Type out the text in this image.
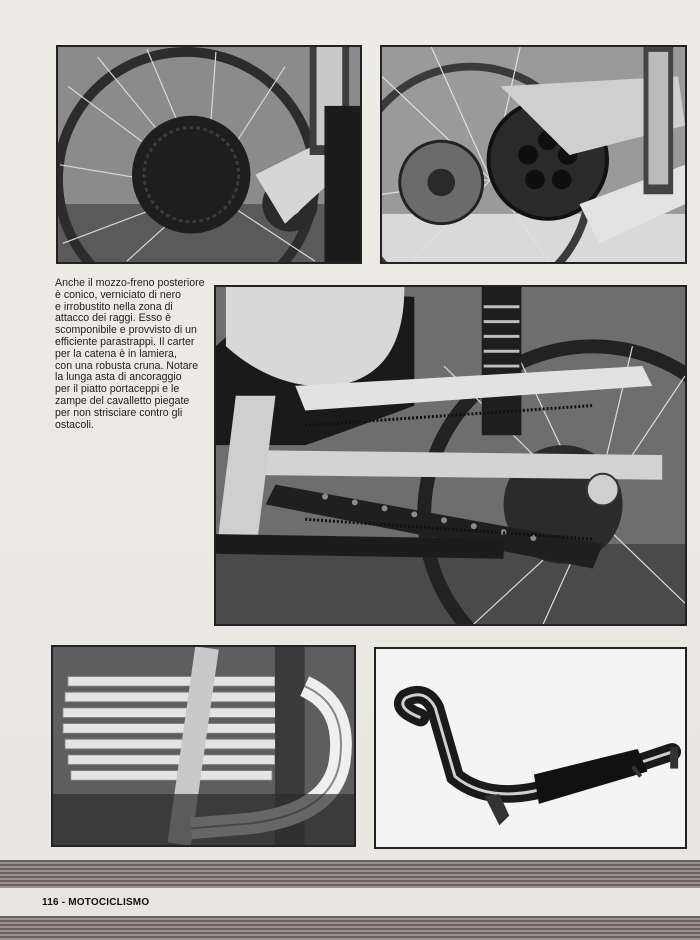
Anche il mozzo-freno posteriore
è conico, verniciato di nero
e irrobustito nella zona di
attacco dei raggi. Esso è
scomponibile e provvisto di un
efficiente parastrappi. Il carter
per la catena è in lamiera,
con una robusta cruna. Notare
la lunga asta di ancoraggio
per il piatto portaceppi e le
zampe del cavalletto piegate
per non strisciare contro gli
ostacoli.

116 - MOTOCICLISMO
